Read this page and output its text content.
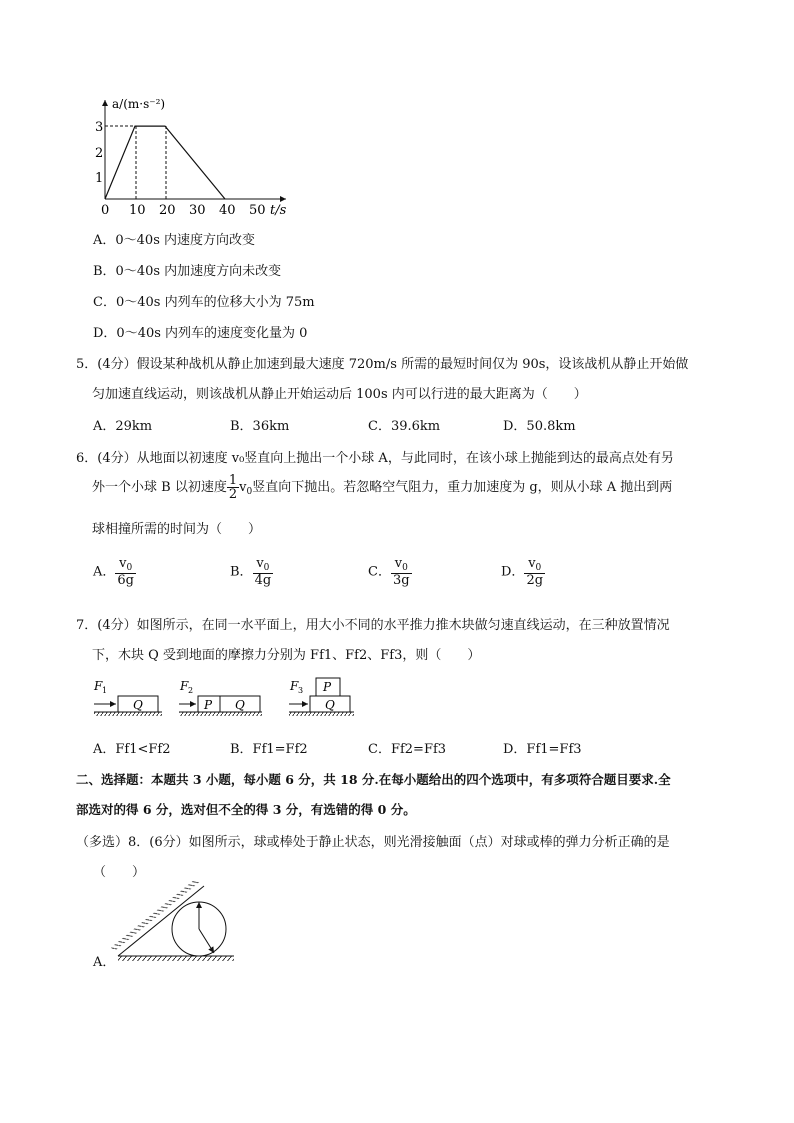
1
2
3
0 10 20 30 40 50 t/s
a/(m·s⁻²)
A．0～40s 内速度方向改变
B．0～40s 内加速度方向未改变
C．0～40s 内列车的位移大小为 75m
D．0～40s 内列车的速度变化量为 0
5．(4分）假设某种战机从静止加速到最大速度 720m/s 所需的最短时间仅为 90s，设该战机从静止开始做
匀加速直线运动，则该战机从静止开始运动后 100s 内可以行进的最大距离为（　　）
A．29km	B．36km	C．39.6km	D．50.8km
6．(4分）从地面以初速度 v₀竖直向上抛出一个小球 A，与此同时，在该小球上抛能到达的最高点处有另
外一个小球 B 以初速度 $\frac{1}{2} v_0$竖直向下抛出。若忽略空气阻力，重力加速度为 g，则从小球 A 抛出到两
球相撞所需的时间为（　　）
A． $\frac{v_0}{6g}$	B． $\frac{v_0}{4g}$	C． $\frac{v_0}{3g}$	D． $\frac{v_0}{2g}$
7．(4分）如图所示，在同一水平面上，用大小不同的水平推力推木块做匀速直线运动，在三种放置情况
下，木块 Q 受到地面的摩擦力分别为 Ff1、Ff2、Ff3，则（　　）
F 1
Q
F 2
P Q
F 3 P
Q
A．Ff1<Ff2	B．Ff1=Ff2	C．Ff2=Ff3	D．Ff1=Ff3
二、选择题：本题共 3 小题，每小题 6 分，共 18 分.在每小题给出的四个选项中，有多项符合题目要求.全
部选对的得 6 分，选对但不全的得 3 分，有选错的得 0 分。
（多选）8．(6分）如图所示，球或棒处于静止状态，则光滑接触面（点）对球或棒的弹力分析正确的是
（　　）
A．
